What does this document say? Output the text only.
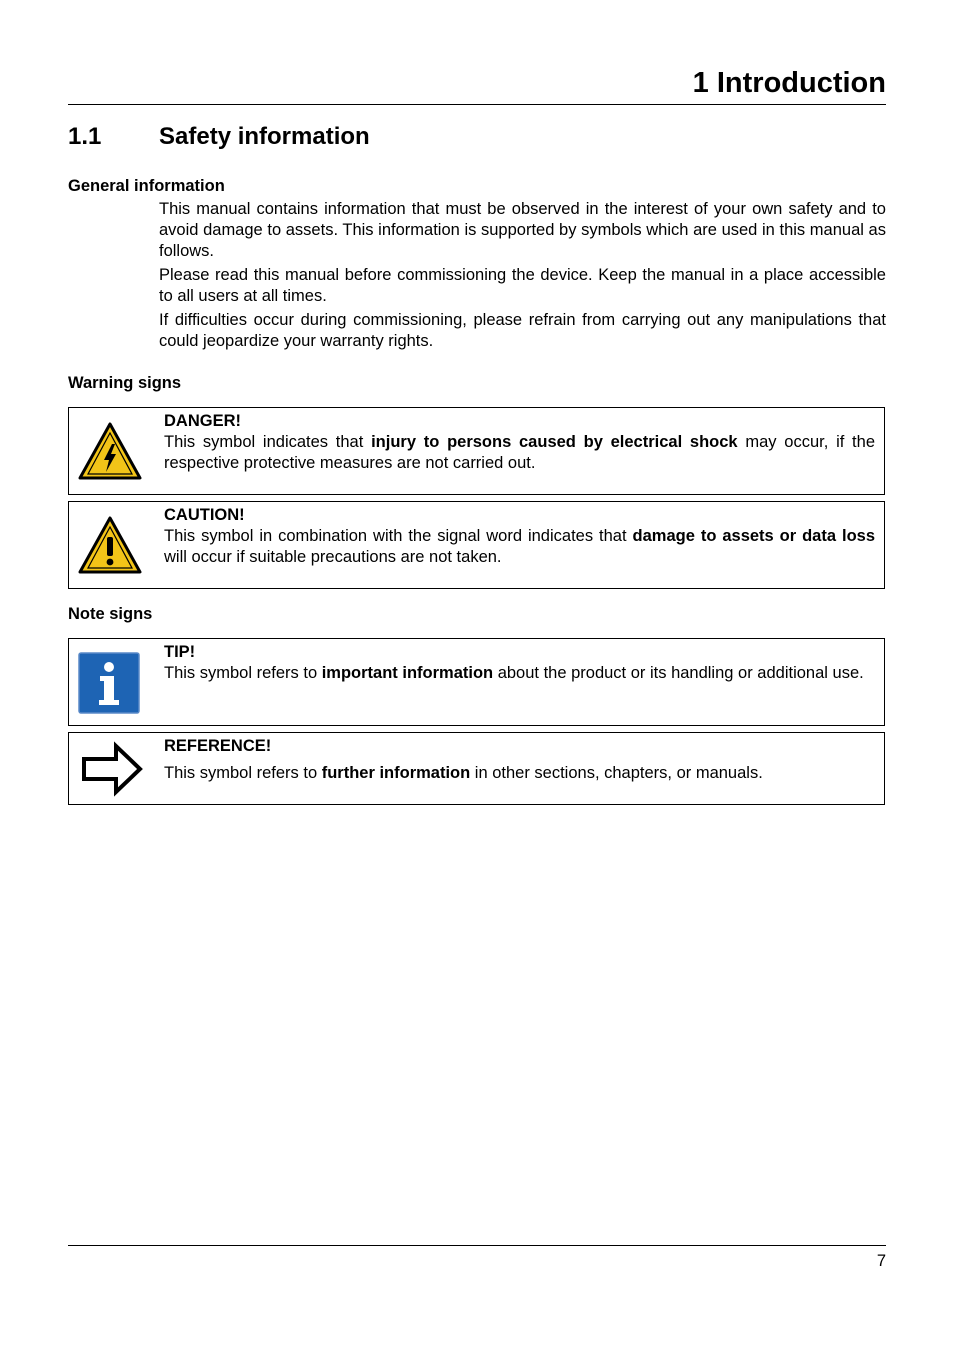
1 Introduction
1.1 Safety information
General information

This manual contains information that must be observed in the interest of your own safety and to avoid damage to assets. This information is supported by symbols which are used in this manual as follows.

Please read this manual before commissioning the device. Keep the manual in a place accessible to all users at all times.

If difficulties occur during commissioning, please refrain from carrying out any manipulations that could jeopardize your warranty rights.

Warning signs
DANGER!
This symbol indicates that injury to persons caused by electrical shock may occur, if the respective protective measures are not carried out.
CAUTION!
This symbol in combination with the signal word indicates that damage to assets or data loss will occur if suitable precautions are not taken.
Note signs
TIP!
This symbol refers to important information about the product or its handling or additional use.
REFERENCE!
This symbol refers to further information in other sections, chapters, or manuals.
7
